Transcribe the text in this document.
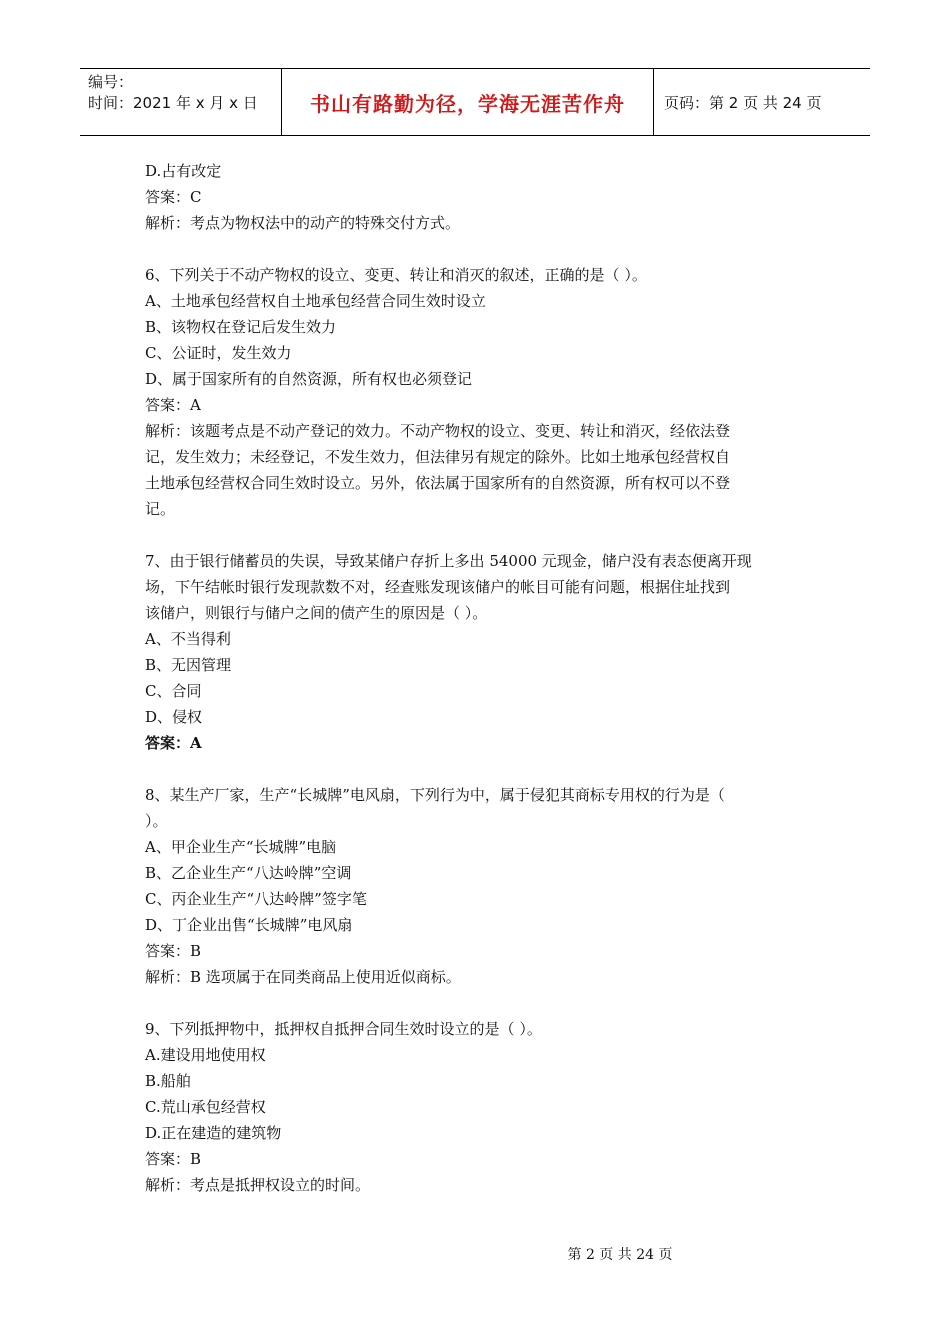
编号：
时间：2021 年 x 月 x 日	书山有路勤为径，学海无涯苦作舟	页码：第 2 页 共 24 页

D.占有改定

答案：C

解析：考点为物权法中的动产的特殊交付方式。

6、下列关于不动产物权的设立、变更、转让和消灭的叙述，正确的是（ ）。

A、土地承包经营权自土地承包经营合同生效时设立

B、该物权在登记后发生效力

C、公证时，发生效力

D、属于国家所有的自然资源，所有权也必须登记

答案：A

解析：该题考点是不动产登记的效力。不动产物权的设立、变更、转让和消灭，经依法登

记，发生效力；未经登记，不发生效力，但法律另有规定的除外。比如土地承包经营权自

土地承包经营权合同生效时设立。另外，依法属于国家所有的自然资源，所有权可以不登

记。

7、由于银行储蓄员的失误，导致某储户存折上多出 54000 元现金，储户没有表态便离开现

场，下午结帐时银行发现款数不对，经查账发现该储户的帐目可能有问题，根据住址找到

该储户，则银行与储户之间的债产生的原因是（ ）。

A、不当得利

B、无因管理

C、合同

D、侵权

答案：A

8、某生产厂家，生产“长城牌”电风扇，下列行为中，属于侵犯其商标专用权的行为是（

）。

A、甲企业生产“长城牌”电脑

B、乙企业生产“八达岭牌”空调

C、丙企业生产“八达岭牌”签字笔

D、丁企业出售“长城牌”电风扇

答案：B

解析：B 选项属于在同类商品上使用近似商标。

9、下列抵押物中，抵押权自抵押合同生效时设立的是（ ）。

A.建设用地使用权

B.船舶

C.荒山承包经营权

D.正在建造的建筑物

答案：B

解析：考点是抵押权设立的时间。

第 2 页 共 24 页
